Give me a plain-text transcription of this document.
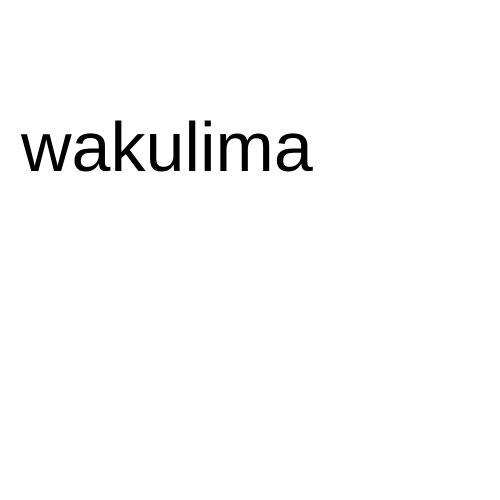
wakulima
